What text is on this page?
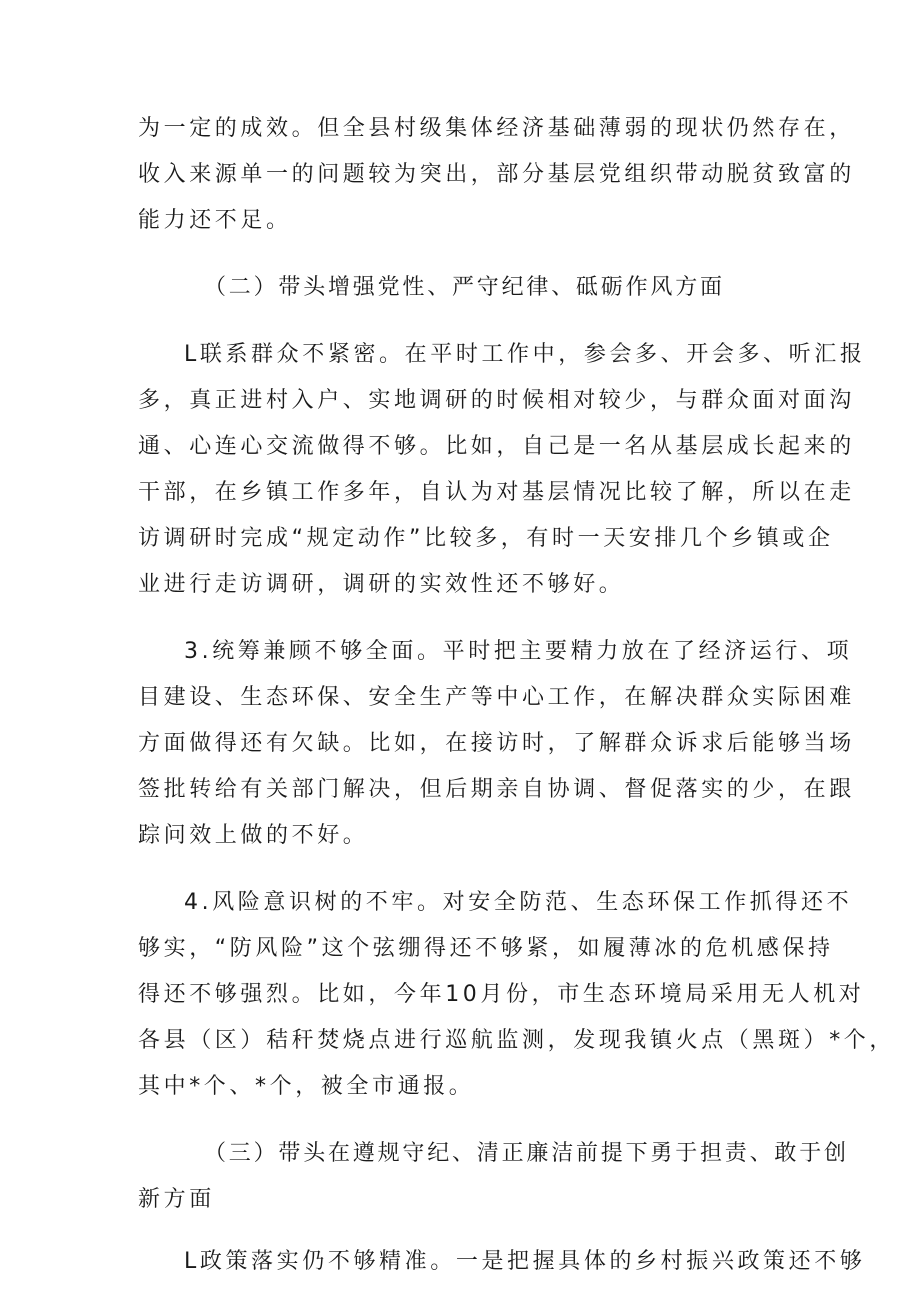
为一定的成效。但全县村级集体经济基础薄弱的现状仍然存在，
收入来源单一的问题较为突出，部分基层党组织带动脱贫致富的
能力还不足。
（二）带头增强党性、严守纪律、砥砺作风方面
L联系群众不紧密。在平时工作中，参会多、开会多、听汇报
多，真正进村入户、实地调研的时候相对较少，与群众面对面沟
通、心连心交流做得不够。比如，自己是一名从基层成长起来的
干部，在乡镇工作多年，自认为对基层情况比较了解，所以在走
访调研时完成“规定动作”比较多，有时一天安排几个乡镇或企
业进行走访调研，调研的实效性还不够好。
3.统筹兼顾不够全面。平时把主要精力放在了经济运行、项
目建设、生态环保、安全生产等中心工作，在解决群众实际困难
方面做得还有欠缺。比如，在接访时，了解群众诉求后能够当场
签批转给有关部门解决，但后期亲自协调、督促落实的少，在跟
踪问效上做的不好。
4.风险意识树的不牢。对安全防范、生态环保工作抓得还不
够实，“防风险”这个弦绷得还不够紧，如履薄冰的危机感保持
得还不够强烈。比如，今年10月份，市生态环境局采用无人机对
各县（区）秸秆焚烧点进行巡航监测，发现我镇火点（黑斑）*个，
其中*个、*个，被全市通报。
（三）带头在遵规守纪、清正廉洁前提下勇于担责、敢于创
新方面
L政策落实仍不够精准。一是把握具体的乡村振兴政策还不够
